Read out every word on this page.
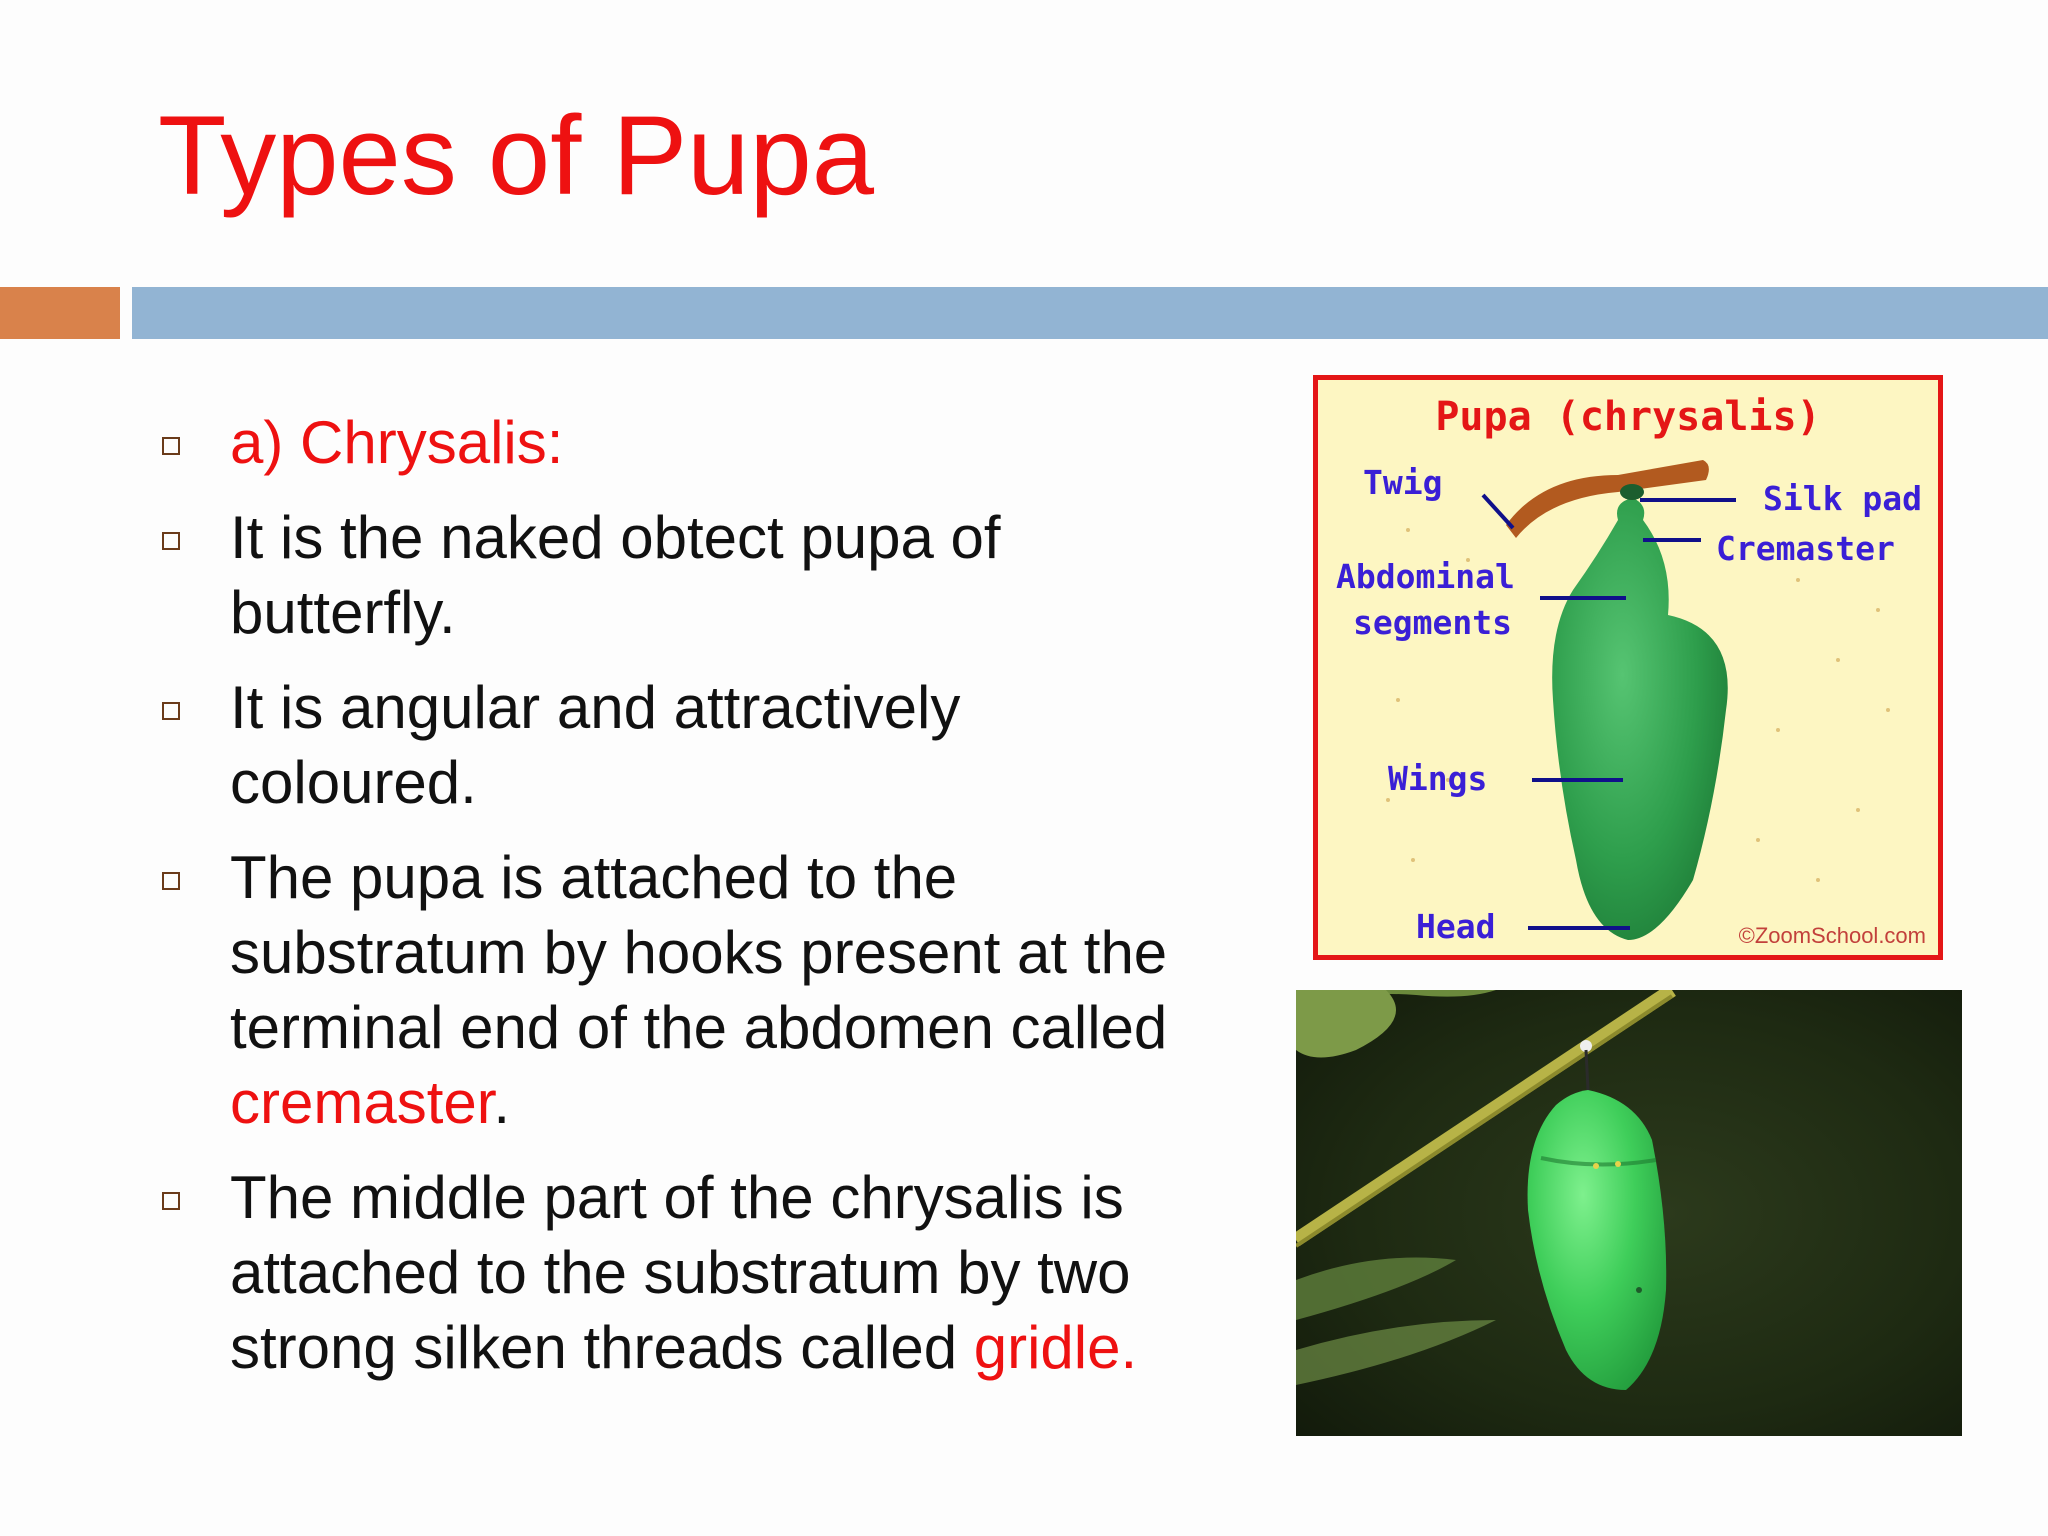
Types of Pupa
a) Chrysalis:
It is the naked obtect pupa of butterfly.
It is angular and attractively coloured.
The pupa is attached to the substratum by hooks present at the terminal end of the abdomen called cremaster.
The middle part of the chrysalis is attached to the substratum by two strong silken threads called gridle.
Pupa (chrysalis)
Twig	Silk pad
Cremaster
Abdominal
segments
Wings
Head	©ZoomSchool.com
